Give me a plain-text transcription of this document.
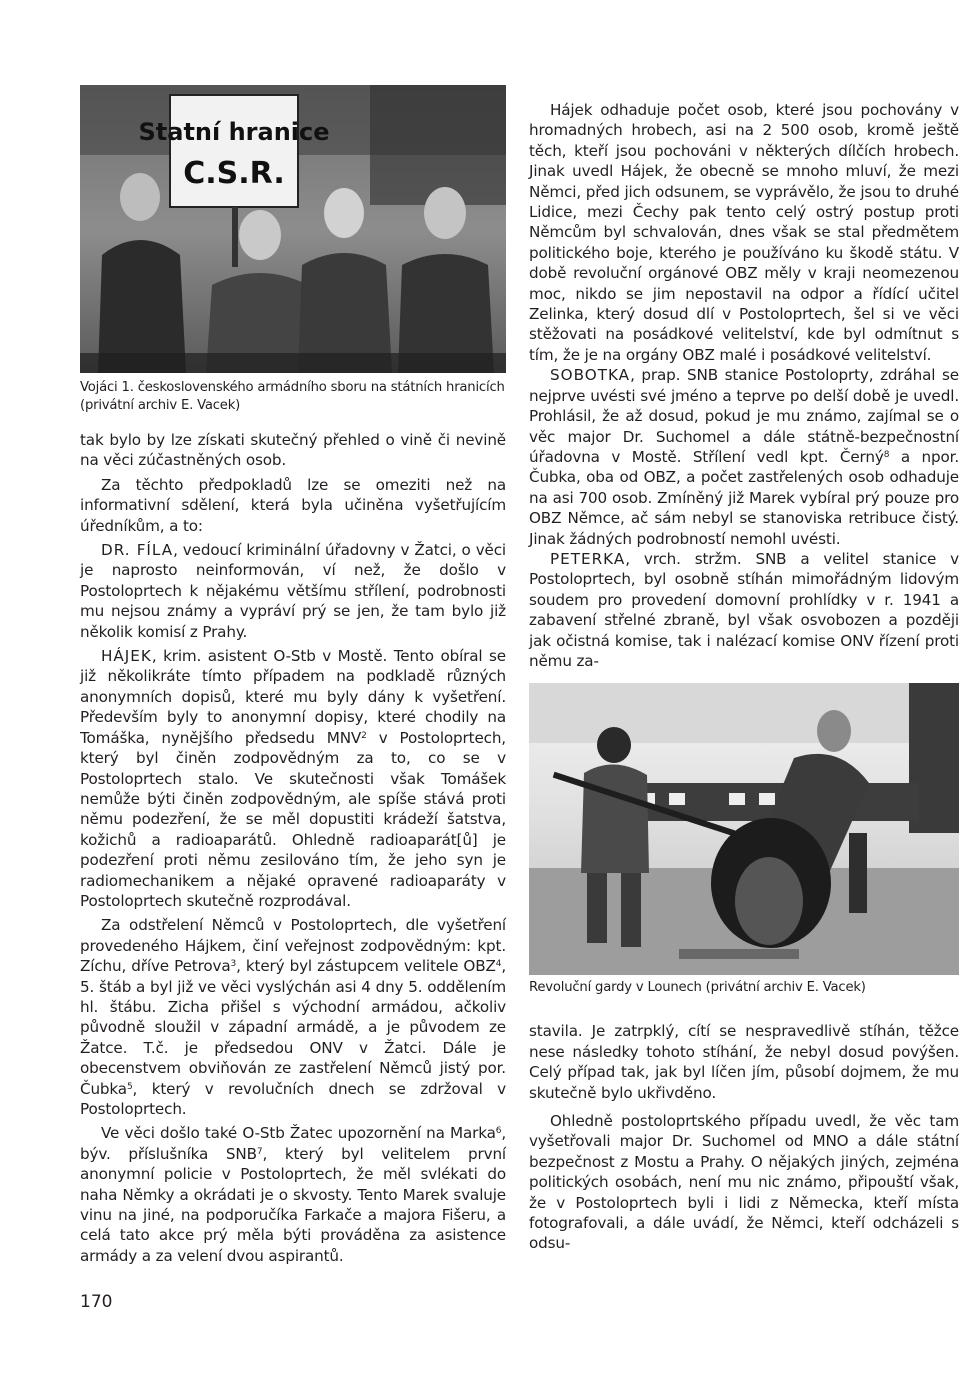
Statní hranice
C.S.R.
Vojáci 1. československého armádního sboru na státních hranicích (privátní archiv E. Vacek)

tak bylo by lze získati skutečný přehled o vině či nevině na věci zúčastněných osob.

Za těchto předpokladů lze se omeziti než na informativní sdělení, která byla učiněna vyšetřujícím úředníkům, a to:

DR. FÍLA, vedoucí kriminální úřadovny v Žatci, o věci je naprosto neinformován, ví než, že došlo v Postoloprtech k nějakému většímu střílení, podrobnosti mu nejsou známy a vypráví prý se jen, že tam bylo již několik komisí z Prahy.

HÁJEK, krim. asistent O-Stb v Mostě. Tento obíral se již několikráte tímto případem na podkladě různých anonymních dopisů, které mu byly dány k vyšetření. Především byly to anonymní dopisy, které chodily na Tomáška, nynějšího předsedu MNV$^2$ v Postoloprtech, který byl činěn zodpovědným za to, co se v Postoloprtech stalo. Ve skutečnosti však Tomášek nemůže býti činěn zodpovědným, ale spíše stává proti němu podezření, že se měl dopustiti krádeží šatstva, kožichů a radioaparátů. Ohledně radioaparát[ů] je podezření proti němu zesilováno tím, že jeho syn je radiomechanikem a nějaké opravené radioaparáty v Postoloprtech skutečně rozprodával.

Za odstřelení Němců v Postoloprtech, dle vyšetření provedeného Hájkem, činí veřejnost zodpovědným: kpt. Zíchu, dříve Petrova$^3$, který byl zástupcem velitele OBZ$^4$, 5. štáb a byl již ve věci vyslýchán asi 4 dny 5. oddělením hl. štábu. Zicha přišel s východní armádou, ačkoliv původně sloužil v západní armádě, a je původem ze Žatce. T.č. je předsedou ONV v Žatci. Dále je obecenstvem obviňován ze zastřelení Němců jistý por. Čubka$^5$, který v revolučních dnech se zdržoval v Postoloprtech.

Ve věci došlo také O-Stb Žatec upozornění na Marka$^6$, býv. příslušníka SNB$^7$, který byl velitelem první anonymní policie v Postoloprtech, že měl svlékati do naha Němky a okrádati je o skvosty. Tento Marek svaluje vinu na jiné, na podporučíka Farkače a majora Fišeru, a celá tato akce prý měla býti prováděna za asistence armády a za velení dvou aspirantů.

Hájek odhaduje počet osob, které jsou pochovány v hromadných hrobech, asi na 2 500 osob, kromě ještě těch, kteří jsou pochováni v některých dílčích hrobech. Jinak uvedl Hájek, že obecně se mnoho mluví, že mezi Němci, před jich odsunem, se vyprávělo, že jsou to druhé Lidice, mezi Čechy pak tento celý ostrý postup proti Němcům byl schvalován, dnes však se stal předmětem politického boje, kterého je používáno ku škodě státu. V době revoluční orgánové OBZ měly v kraji neomezenou moc, nikdo se jim nepostavil na odpor a řídící učitel Zelinka, který dosud dlí v Postoloprtech, šel si ve věci stěžovati na posádkové velitelství, kde byl odmítnut s tím, že je na orgány OBZ malé i posádkové velitelství.

SOBOTKA, prap. SNB stanice Postoloprty, zdráhal se nejprve uvésti své jméno a teprve po delší době je uvedl. Prohlásil, že až dosud, pokud je mu známo, zajímal se o věc major Dr. Suchomel a dále státně-bezpečnostní úřadovna v Mostě. Střílení vedl kpt. Černý$^8$ a npor. Čubka, oba od OBZ, a počet zastřelených osob odhaduje na asi 700 osob. Zmíněný již Marek vybíral prý pouze pro OBZ Němce, ač sám nebyl se stanoviska retribuce čistý. Jinak žádných podrobností nemohl uvésti.

PETERKA, vrch. stržm. SNB a velitel stanice v Postoloprtech, byl osobně stíhán mimořádným lidovým soudem pro provedení domovní prohlídky v r. 1941 a zabavení střelné zbraně, byl však osvobozen a později jak očistná komise, tak i nalézací komise ONV řízení proti němu za-

Revoluční gardy v Lounech (privátní archiv E. Vacek)

stavila. Je zatrpklý, cítí se nespravedlivě stíhán, těžce nese následky tohoto stíhání, že nebyl dosud povýšen. Celý případ tak, jak byl líčen jím, působí dojmem, že mu skutečně bylo ukřivděno.

Ohledně postoloprtského případu uvedl, že věc tam vyšetřovali major Dr. Suchomel od MNO a dále státní bezpečnost z Mostu a Prahy. O nějakých jiných, zejména politických osobách, není mu nic známo, připouští však, že v Postoloprtech byli i lidi z Německa, kteří místa fotografovali, a dále uvádí, že Němci, kteří odcházeli s odsu-

170
